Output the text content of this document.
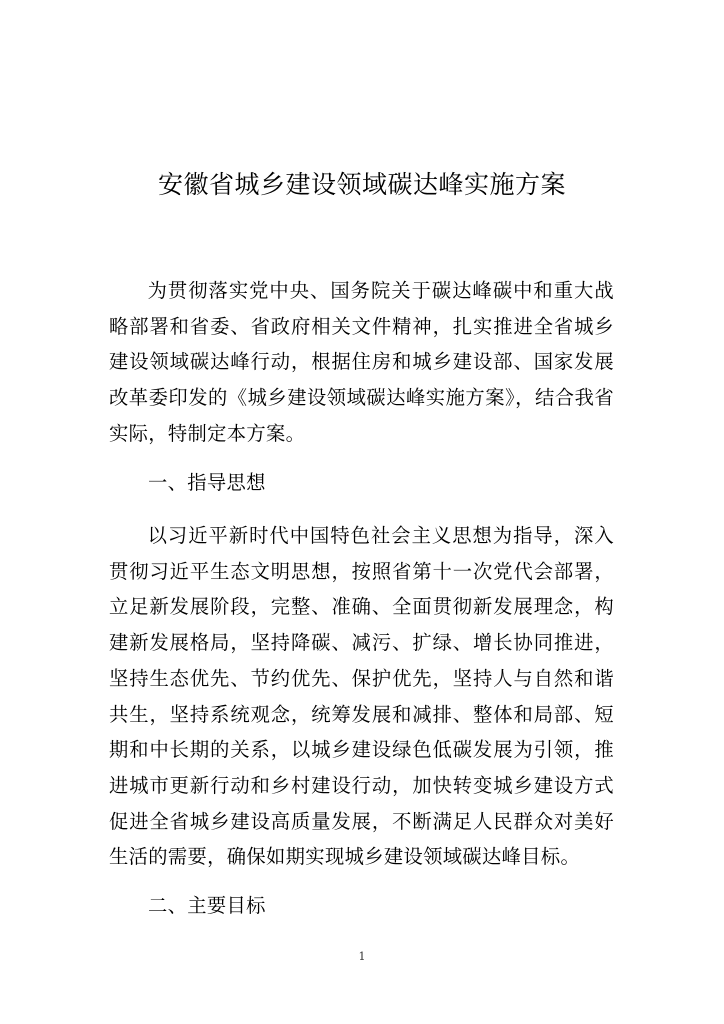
安徽省城乡建设领域碳达峰实施方案

为贯彻落实党中央、国务院关于碳达峰碳中和重大战略部署和省委、省政府相关文件精神，扎实推进全省城乡建设领域碳达峰行动，根据住房和城乡建设部、国家发展改革委印发的《城乡建设领域碳达峰实施方案》，结合我省实际，特制定本方案。

一、指导思想

以习近平新时代中国特色社会主义思想为指导，深入贯彻习近平生态文明思想，按照省第十一次党代会部署，立足新发展阶段，完整、准确、全面贯彻新发展理念，构建新发展格局，坚持降碳、减污、扩绿、增长协同推进，坚持生态优先、节约优先、保护优先，坚持人与自然和谐共生，坚持系统观念，统筹发展和减排、整体和局部、短期和中长期的关系，以城乡建设绿色低碳发展为引领，推进城市更新行动和乡村建设行动，加快转变城乡建设方式促进全省城乡建设高质量发展，不断满足人民群众对美好生活的需要，确保如期实现城乡建设领域碳达峰目标。

二、主要目标
1
